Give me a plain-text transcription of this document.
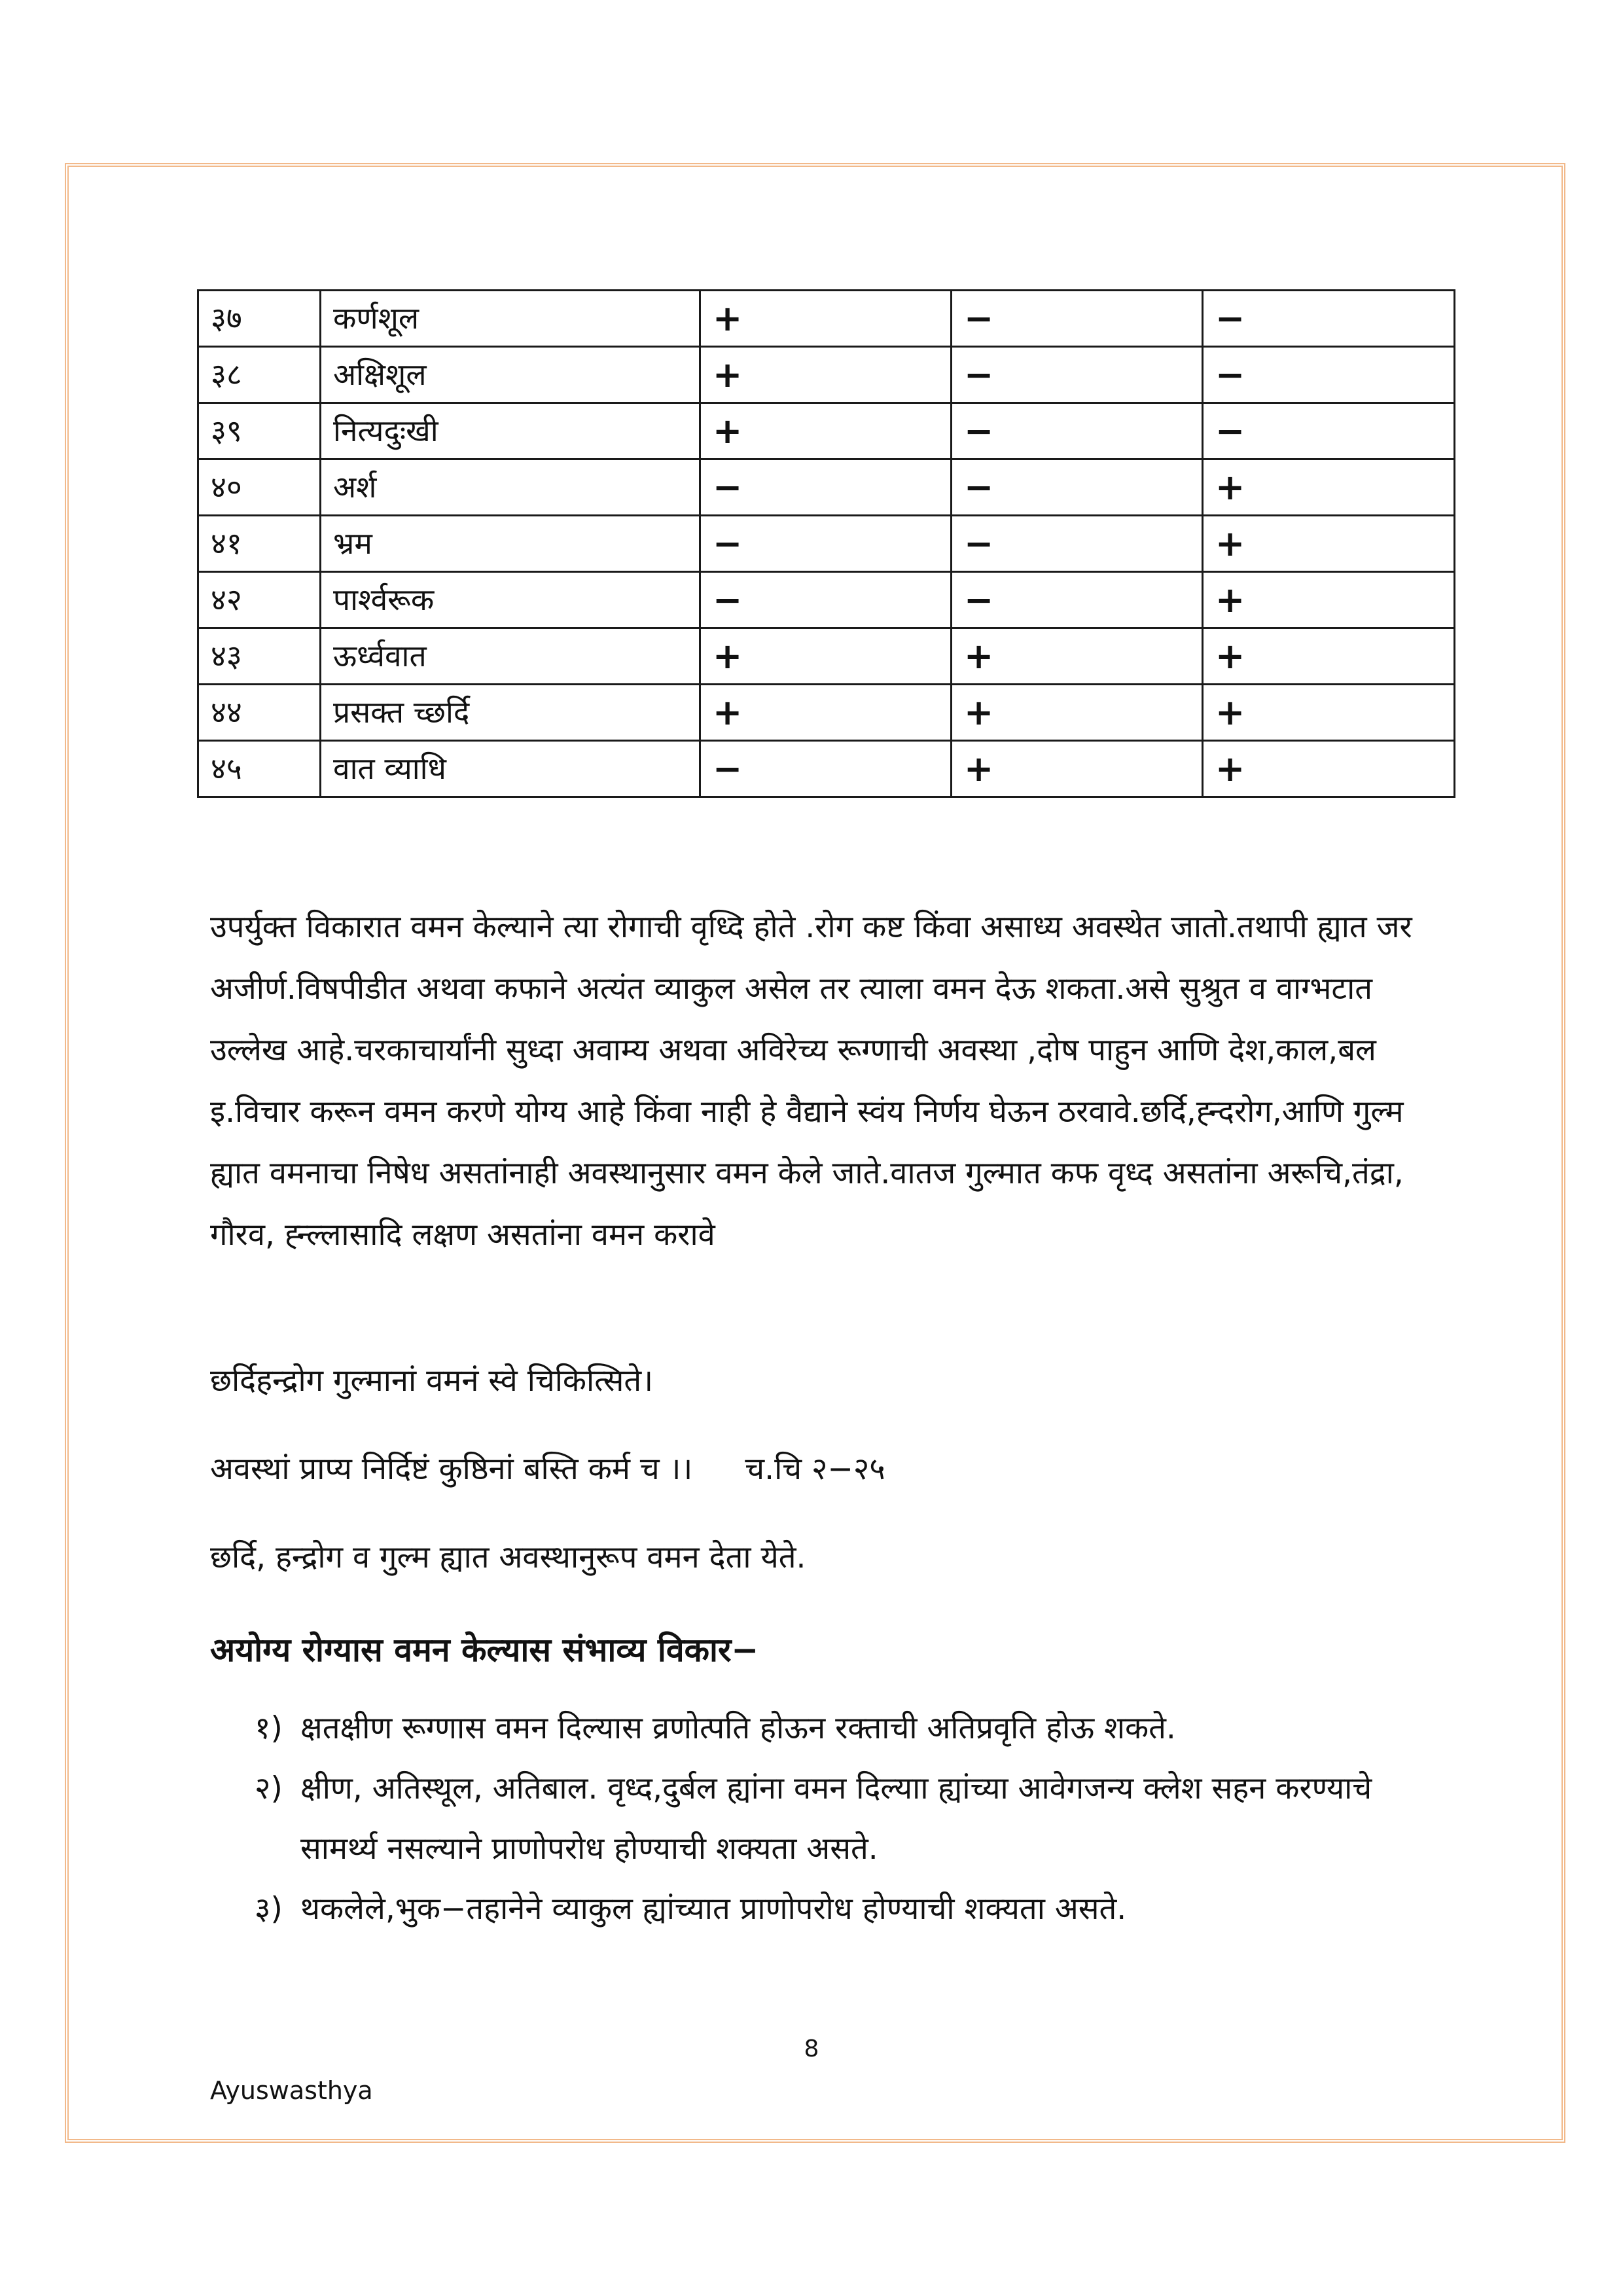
३७	कर्णशूल	+	−	−
३८	अक्षिशूल	+	−	−
३९	नित्यदुःखी	+	−	−
४०	अर्श	−	−	+
४१	भ्रम	−	−	+
४२	पार्श्वरूक	−	−	+
४३	ऊर्ध्ववात	+	+	+
४४	प्रसक्त च्छर्दि	+	+	+
४५	वात व्याधि	−	+	+

उपर्युक्त विकारात वमन केल्याने त्या रोगाची वृध्दि होते .रोग कष्ट किंवा असाध्य अवस्थेत जातो.तथापी ह्यात जर अजीर्ण.विषपीडीत अथवा कफाने अत्यंत व्याकुल असेल तर त्याला वमन देऊ शकता.असे सुश्रुत व वाग्भटात उल्लेख आहे.चरकाचार्यांनी सुध्दा अवाम्य अथवा अविरेच्य रूग्णाची अवस्था ,दोष पाहुन आणि देश,काल,बल इ.विचार करून वमन करणे योग्य आहे किंवा नाही हे वैद्याने स्वंय निर्णय घेऊन ठरवावे.छर्दि,ह्न्दरोग,आणि गुल्म ह्यात वमनाचा निषेध असतांनाही अवस्थानुसार वमन केले जाते.वातज गुल्मात कफ वृध्द असतांना अरूचि,तंद्रा, गौरव, ह्न्ल्लासादि लक्षण असतांना वमन करावे

छर्दिहन्द्रोग गुल्मानां वमनं स्वे चिकित्सिते।

अवस्थां प्राप्य निर्दिष्टं कुष्ठिनां बस्ति कर्म च ।। च.चि २−२५

छर्दि, हन्द्रोग व गुल्म ह्यात अवस्थानुरूप वमन देता येते.

अयोग्य रोग्यास वमन केल्यास संभाव्य विकार−

१) क्षतक्षीण रूग्णास वमन दिल्यास व्रणोत्पति होऊन रक्ताची अतिप्रवृति होऊ शकते.
२) क्षीण, अतिस्थूल, अतिबाल. वृध्द,दुर्बल ह्यांना वमन दिल्याा ह्यांच्या आवेगजन्य क्लेश सहन करण्याचे सामर्थ्य नसल्याने प्राणोपरोध होण्याची शक्यता असते.
३) थकलेले,भुक−तहानेने व्याकुल ह्यांच्यात प्राणोपरोध होण्याची शक्यता असते.
8
Ayuswasthya
